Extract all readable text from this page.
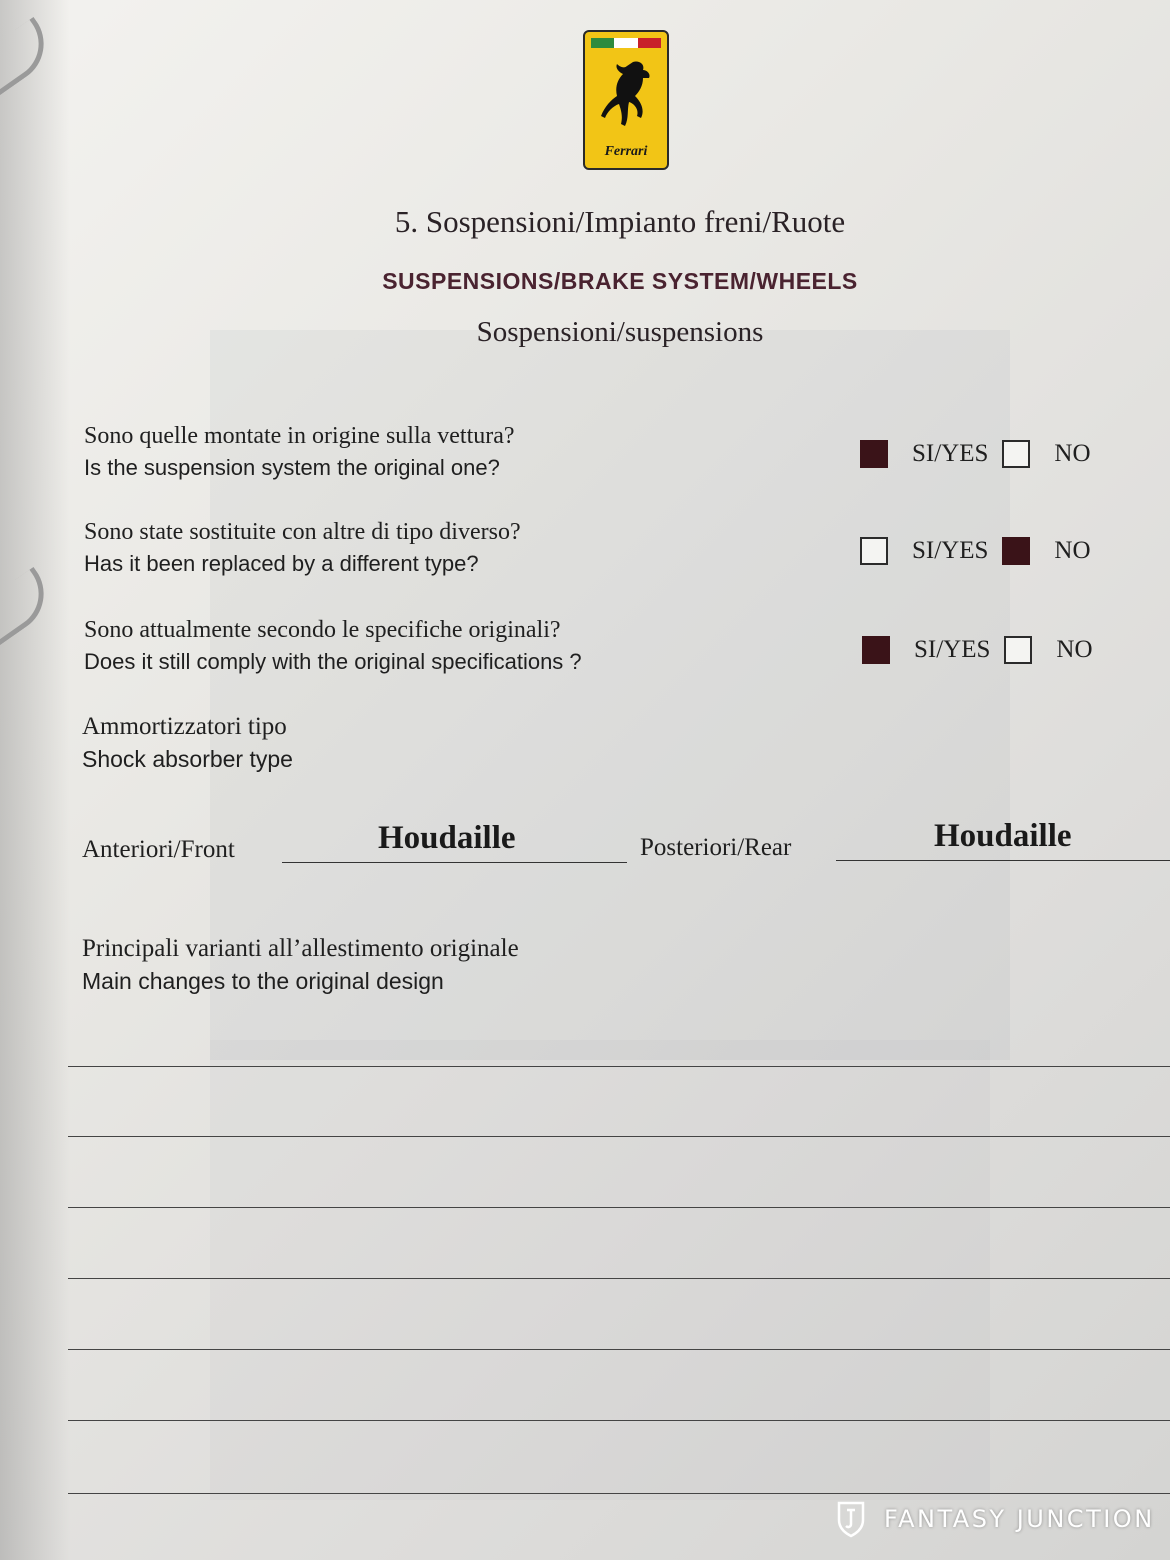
Ferrari
5. Sospensioni/Impianto freni/Ruote
SUSPENSIONS/BRAKE SYSTEM/WHEELS
Sospensioni/suspensions
Sono quelle montate in origine sulla vettura?
Is the suspension system the original one?
SI/YES	NO
Sono state sostituite con altre di tipo diverso?
Has it been replaced by a different type?	SI/YES	NO
Sono attualmente secondo le specifiche originali?
Does it still comply with the original specifications ?	SI/YES	NO
Ammortizzatori tipo
Shock absorber type
Anteriori/Front	Houdaille	Posteriori/Rear	Houdaille
Principali varianti all’allestimento originale
Main changes to the original design
FANTASY JUNCTION
